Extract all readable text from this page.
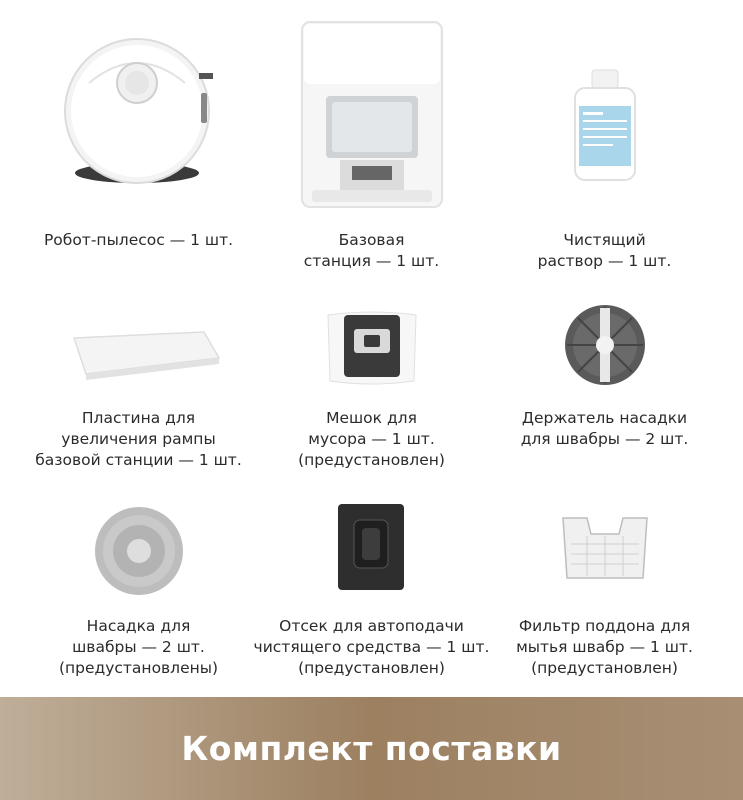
Робот-пылесос — 1 шт.	Базовая
станция — 1 шт.
Чистящий
раствор — 1 шт.
Пластина для
увеличения рампы
базовой станции — 1 шт.
Мешок для
мусора — 1 шт.
(предустановлен)
Держатель насадки
для швабры — 2 шт.
Насадка для
швабры — 2 шт.
(предустановлены)
Отсек для автоподачи
чистящего средства — 1 шт.
(предустановлен)
Фильтр поддона для
мытья швабр — 1 шт.
(предустановлен)
Комплект поставки
